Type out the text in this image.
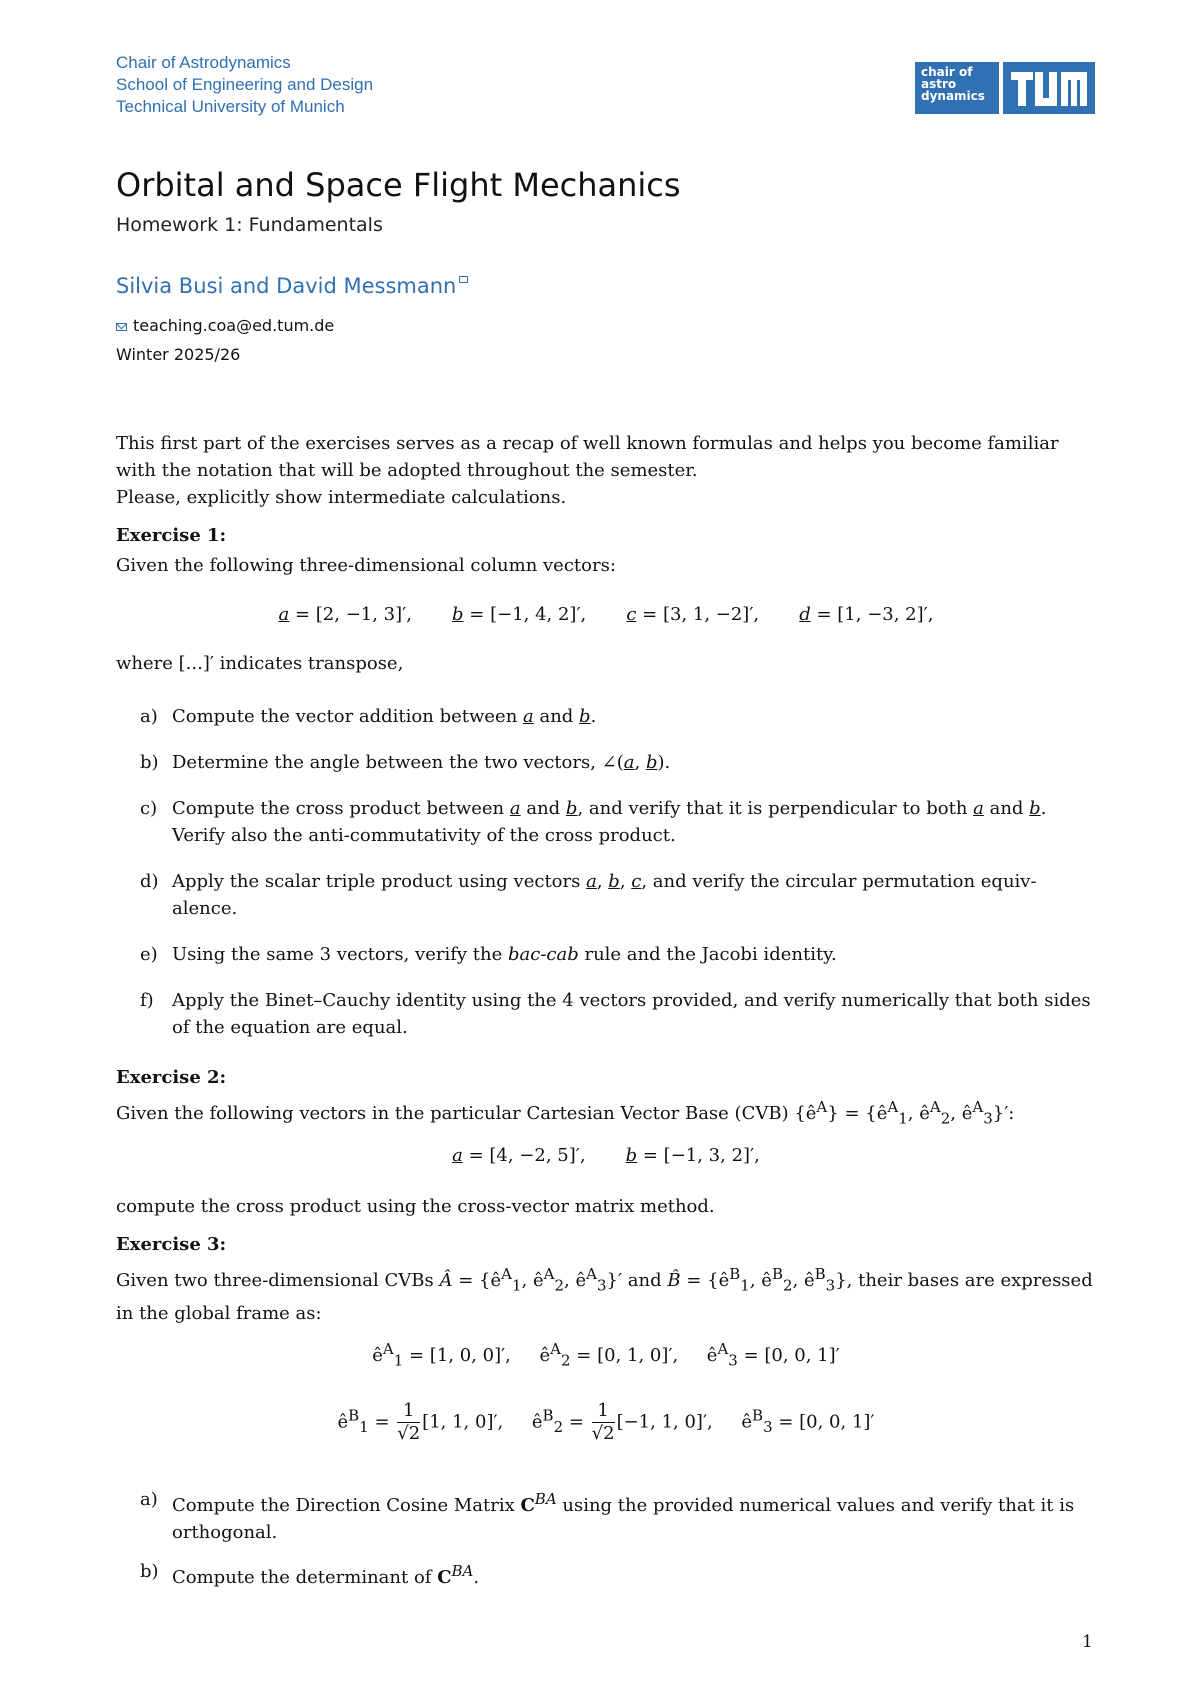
Chair of Astrodynamics
School of Engineering and Design
Technical University of Munich
chair of
astro
dynamics
Orbital and Space Flight Mechanics
Homework 1: Fundamentals
Silvia Busi and David Messmann
teaching.coa@ed.tum.de
Winter 2025/26
This first part of the exercises serves as a recap of well known formulas and helps you become familiar with the notation that will be adopted throughout the semester.
Please, explicitly show intermediate calculations.
Exercise 1:
Given the following three-dimensional column vectors:
a = [2, −1, 3]′, b = [−1, 4, 2]′, c = [3, 1, −2]′, d = [1, −3, 2]′,
where [...]′ indicates transpose,
a) Compute the vector addition between a and b.
b) Determine the angle between the two vectors, ∠(a, b).
c) Compute the cross product between a and b, and verify that it is perpendicular to both a and b. Verify also the anti-commutativity of the cross product.
d) Apply the scalar triple product using vectors a, b, c, and verify the circular permutation equiv-alence.
e) Using the same 3 vectors, verify the bac-cab rule and the Jacobi identity.
f) Apply the Binet–Cauchy identity using the 4 vectors provided, and verify numerically that both sides of the equation are equal.
Exercise 2:
Given the following vectors in the particular Cartesian Vector Base (CVB) $\{ê^A\}$ = {$ê^A_1$, $ê^A_2$, $ê^A_3\}'$:
a = [4, −2, 5]′, b = [−1, 3, 2]′,
compute the cross product using the cross-vector matrix method.
Exercise 3:
Given two three-dimensional CVBs Â = {$ê^A_1$, $ê^A_2$, $ê^A_3\}'$ and B̂ = {$ê^B_1$, $ê^B_2$, $ê^B_3$}, their bases are expressed in the global frame as:
$ê^A_1 = [1$, 0, 0]′,     $ê^A_2 = [0$, 1, 0]′,     $ê^A_3 = [0$, 0, 1]′
$ê^B_1 = \frac{1}{√2} [1$, 1, 0]′,     $ê^B_2 = \frac{1}{√2} [-1$, 1, 0]′,     $ê^B_3 = [0$, 0, 1]′
a) Compute the Direction Cosine Matrix $C^{BA}$ using the provided numerical values and verify that it is orthogonal.
b) Compute the determinant of $C^{BA}$.
1
